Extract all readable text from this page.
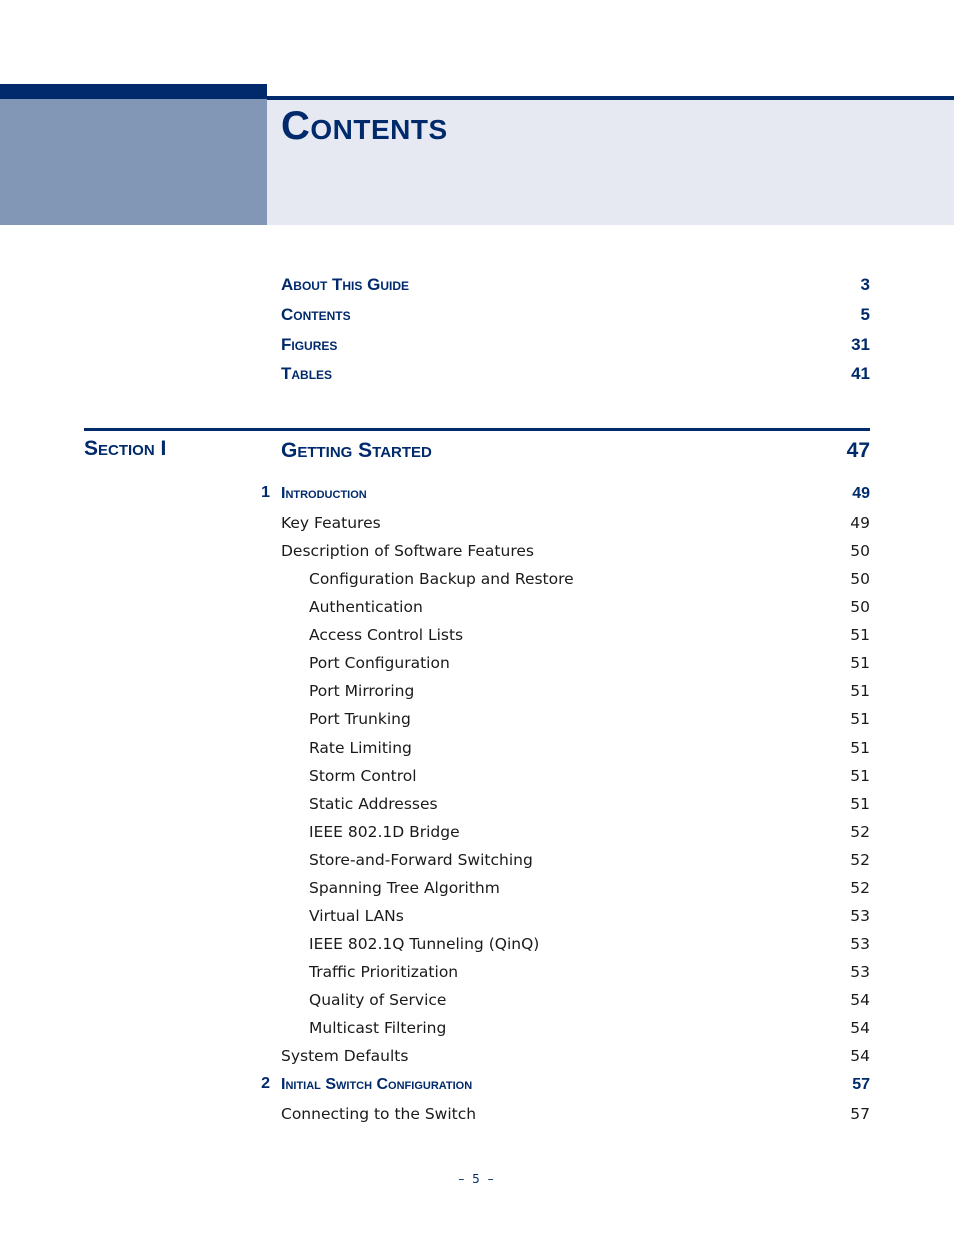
Contents
About This Guide	3
Contents	5
Figures	31
Tables	41
Section I	Getting Started	47
1 Introduction	49
Key Features	49
Description of Software Features	50
Configuration Backup and Restore	50
Authentication	50
Access Control Lists	51
Port Configuration	51
Port Mirroring	51
Port Trunking	51
Rate Limiting	51
Storm Control	51
Static Addresses	51
IEEE 802.1D Bridge	52
Store-and-Forward Switching	52
Spanning Tree Algorithm	52
Virtual LANs	53
IEEE 802.1Q Tunneling (QinQ)	53
Traffic Prioritization	53
Quality of Service	54
Multicast Filtering	54
System Defaults	54
2 Initial Switch Configuration	57
Connecting to the Switch	57
– 5 –
